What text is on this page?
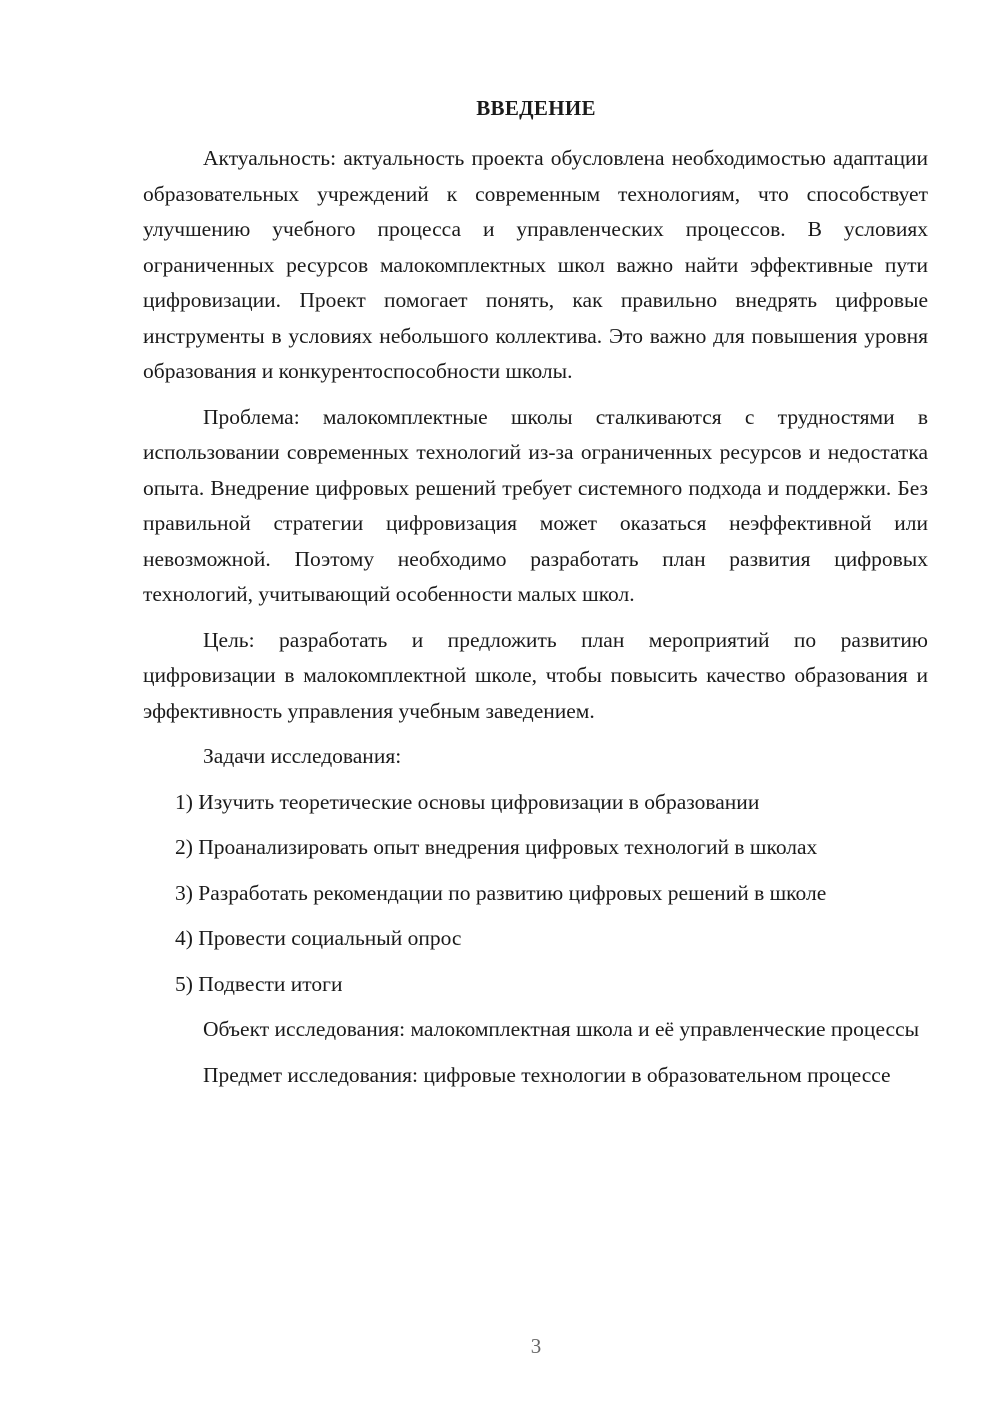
ВВЕДЕНИЕ

Актуальность: актуальность проекта обусловлена необходимостью адаптации образовательных учреждений к современным технологиям, что способствует улучшению учебного процесса и управленческих процессов. В условиях ограниченных ресурсов малокомплектных школ важно найти эффективные пути цифровизации. Проект помогает понять, как правильно внедрять цифровые инструменты в условиях небольшого коллектива. Это важно для повышения уровня образования и конкурентоспособности школы.

Проблема: малокомплектные школы сталкиваются с трудностями в использовании современных технологий из-за ограниченных ресурсов и недостатка опыта. Внедрение цифровых решений требует системного подхода и поддержки. Без правильной стратегии цифровизация может оказаться неэффективной или невозможной. Поэтому необходимо разработать план развития цифровых технологий, учитывающий особенности малых школ.

Цель: разработать и предложить план мероприятий по развитию цифровизации в малокомплектной школе, чтобы повысить качество образования и эффективность управления учебным заведением.

Задачи исследования:

1) Изучить теоретические основы цифровизации в образовании

2) Проанализировать опыт внедрения цифровых технологий в школах

3) Разработать рекомендации по развитию цифровых решений в школе

4) Провести социальный опрос

5) Подвести итоги

Объект исследования: малокомплектная школа и её управленческие процессы

Предмет исследования: цифровые технологии в образовательном процессе

3
